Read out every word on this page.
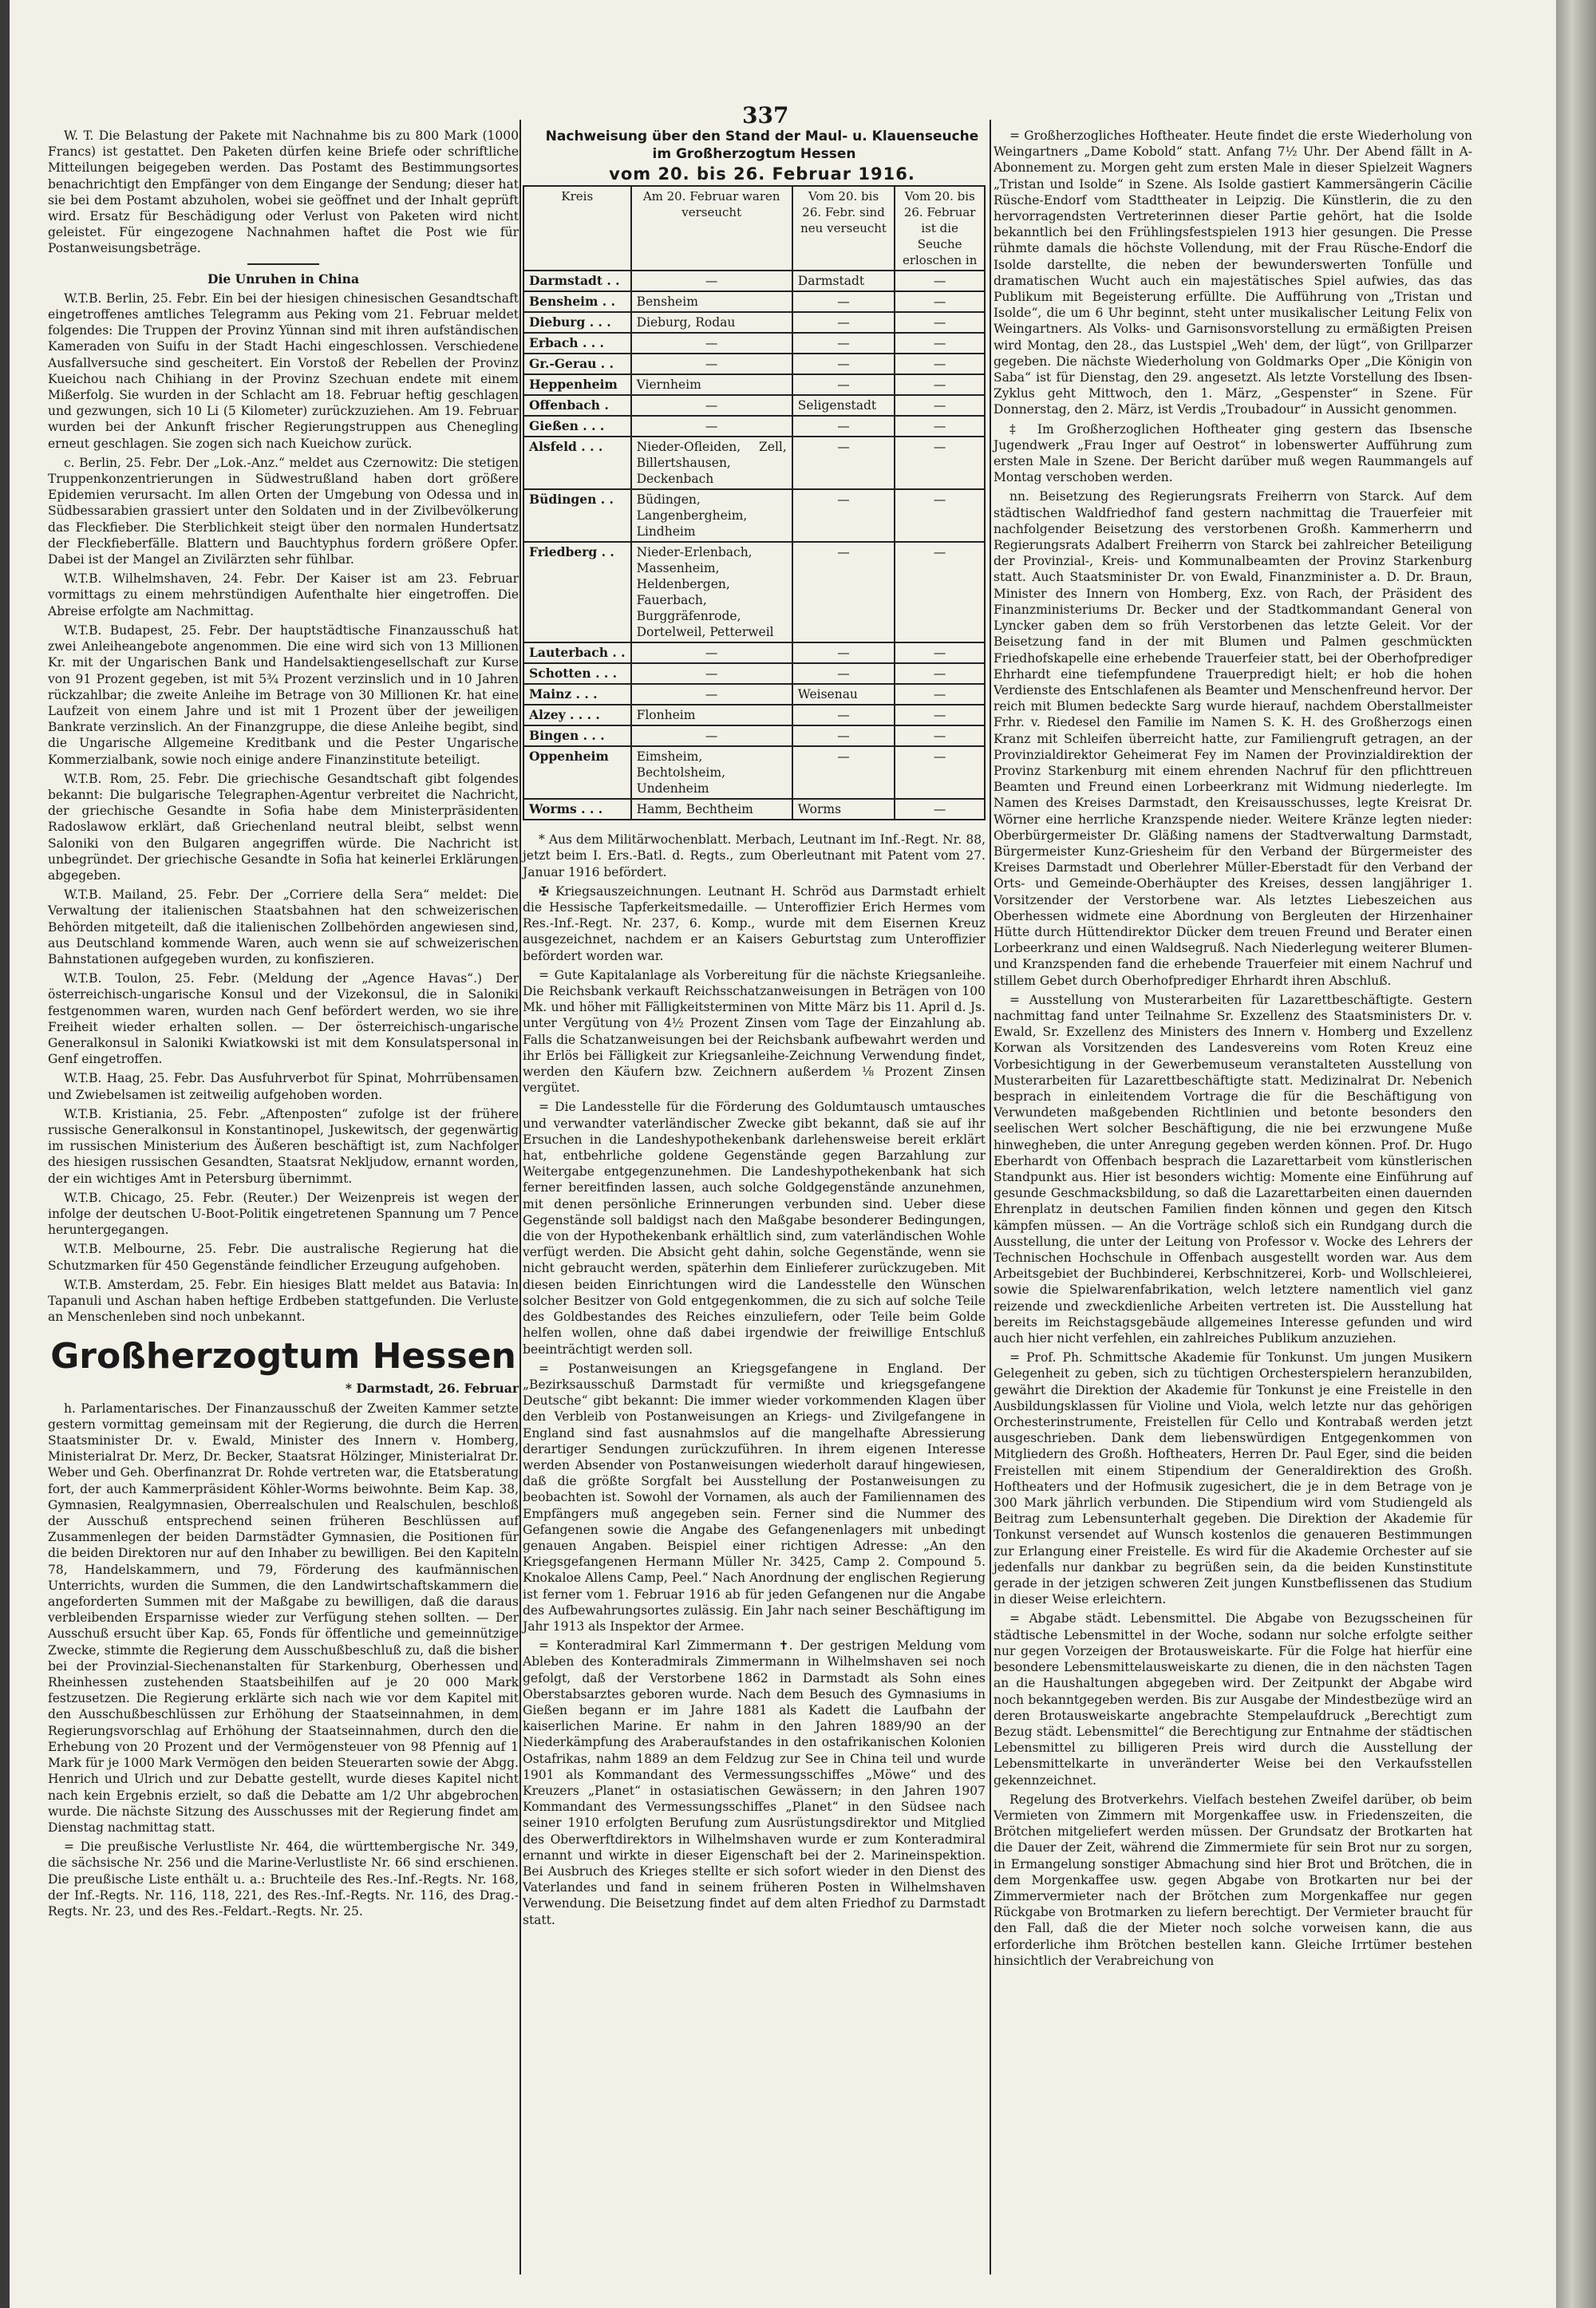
337

W. T. Die Belastung der Pakete mit Nachnahme bis zu 800 Mark (1000 Francs) ist gestattet. Den Paketen dürfen keine Briefe oder schriftliche Mitteilungen beigegeben werden. Das Postamt des Bestimmungsortes benachrichtigt den Empfänger von dem Eingange der Sendung; dieser hat sie bei dem Postamt abzuholen, wobei sie geöffnet und der Inhalt geprüft wird. Ersatz für Beschädigung oder Verlust von Paketen wird nicht geleistet. Für eingezogene Nachnahmen haftet die Post wie für Postanweisungsbeträge.

Die Unruhen in China

W.T.B. Berlin, 25. Febr. Ein bei der hiesigen chinesischen Gesandtschaft eingetroffenes amtliches Telegramm aus Peking vom 21. Februar meldet folgendes: Die Truppen der Provinz Yünnan sind mit ihren aufständischen Kameraden von Suifu in der Stadt Hachi eingeschlossen. Verschiedene Ausfallversuche sind gescheitert. Ein Vorstoß der Rebellen der Provinz Kueichou nach Chihiang in der Provinz Szechuan endete mit einem Mißerfolg. Sie wurden in der Schlacht am 18. Februar heftig geschlagen und gezwungen, sich 10 Li (5 Kilometer) zurückzuziehen. Am 19. Februar wurden bei der Ankunft frischer Regierungstruppen aus Chenegling erneut geschlagen. Sie zogen sich nach Kueichow zurück.

c. Berlin, 25. Febr. Der „Lok.-Anz.“ meldet aus Czernowitz: Die stetigen Truppenkonzentrierungen in Südwestrußland haben dort größere Epidemien verursacht. Im allen Orten der Umgebung von Odessa und in Südbessarabien grassiert unter den Soldaten und in der Zivilbevölkerung das Fleckfieber. Die Sterblichkeit steigt über den normalen Hundertsatz der Fleckfieberfälle. Blattern und Bauchtyphus fordern größere Opfer. Dabei ist der Mangel an Zivilärzten sehr fühlbar.

W.T.B. Wilhelmshaven, 24. Febr. Der Kaiser ist am 23. Februar vormittags zu einem mehrstündigen Aufenthalte hier eingetroffen. Die Abreise erfolgte am Nachmittag.

W.T.B. Budapest, 25. Febr. Der hauptstädtische Finanzausschuß hat zwei Anleiheangebote angenommen. Die eine wird sich von 13 Millionen Kr. mit der Ungarischen Bank und Handelsaktiengesellschaft zur Kurse von 91 Prozent gegeben, ist mit 5¾ Prozent verzinslich und in 10 Jahren rückzahlbar; die zweite Anleihe im Betrage von 30 Millionen Kr. hat eine Laufzeit von einem Jahre und ist mit 1 Prozent über der jeweiligen Bankrate verzinslich. An der Finanzgruppe, die diese Anleihe begibt, sind die Ungarische Allgemeine Kreditbank und die Pester Ungarische Kommerzialbank, sowie noch einige andere Finanzinstitute beteiligt.

W.T.B. Rom, 25. Febr. Die griechische Gesandtschaft gibt folgendes bekannt: Die bulgarische Telegraphen-Agentur verbreitet die Nachricht, der griechische Gesandte in Sofia habe dem Ministerpräsidenten Radoslawow erklärt, daß Griechenland neutral bleibt, selbst wenn Saloniki von den Bulgaren angegriffen würde. Die Nachricht ist unbegründet. Der griechische Gesandte in Sofia hat keinerlei Erklärungen abgegeben.

W.T.B. Mailand, 25. Febr. Der „Corriere della Sera“ meldet: Die Verwaltung der italienischen Staatsbahnen hat den schweizerischen Behörden mitgeteilt, daß die italienischen Zollbehörden angewiesen sind, aus Deutschland kommende Waren, auch wenn sie auf schweizerischen Bahnstationen aufgegeben wurden, zu konfiszieren.

W.T.B. Toulon, 25. Febr. (Meldung der „Agence Havas“.) Der österreichisch-ungarische Konsul und der Vizekonsul, die in Saloniki festgenommen waren, wurden nach Genf befördert werden, wo sie ihre Freiheit wieder erhalten sollen. — Der österreichisch-ungarische Generalkonsul in Saloniki Kwiatkowski ist mit dem Konsulatspersonal in Genf eingetroffen.

W.T.B. Haag, 25. Febr. Das Ausfuhrverbot für Spinat, Mohrrübensamen und Zwiebelsamen ist zeitweilig aufgehoben worden.

W.T.B. Kristiania, 25. Febr. „Aftenposten“ zufolge ist der frühere russische Generalkonsul in Konstantinopel, Juskewitsch, der gegenwärtig im russischen Ministerium des Äußeren beschäftigt ist, zum Nachfolger des hiesigen russischen Gesandten, Staatsrat Nekljudow, ernannt worden, der ein wichtiges Amt in Petersburg übernimmt.

W.T.B. Chicago, 25. Febr. (Reuter.) Der Weizenpreis ist wegen der infolge der deutschen U-Boot-Politik eingetretenen Spannung um 7 Pence heruntergegangen.

W.T.B. Melbourne, 25. Febr. Die australische Regierung hat die Schutzmarken für 450 Gegenstände feindlicher Erzeugung aufgehoben.

W.T.B. Amsterdam, 25. Febr. Ein hiesiges Blatt meldet aus Batavia: In Tapanuli und Aschan haben heftige Erdbeben stattgefunden. Die Verluste an Menschenleben sind noch unbekannt.

Großherzogtum Hessen

* Darmstadt, 26. Februar

h. Parlamentarisches. Der Finanzausschuß der Zweiten Kammer setzte gestern vormittag gemeinsam mit der Regierung, die durch die Herren Staatsminister Dr. v. Ewald, Minister des Innern v. Homberg, Ministerialrat Dr. Merz, Dr. Becker, Staatsrat Hölzinger, Ministerialrat Dr. Weber und Geh. Oberfinanzrat Dr. Rohde vertreten war, die Etatsberatung fort, der auch Kammerpräsident Köhler-Worms beiwohnte. Beim Kap. 38, Gymnasien, Realgymnasien, Oberrealschulen und Realschulen, beschloß der Ausschuß entsprechend seinen früheren Beschlüssen auf Zusammenlegen der beiden Darmstädter Gymnasien, die Positionen für die beiden Direktoren nur auf den Inhaber zu bewilligen. Bei den Kapiteln 78, Handelskammern, und 79, Förderung des kaufmännischen Unterrichts, wurden die Summen, die den Landwirtschaftskammern die angeforderten Summen mit der Maßgabe zu bewilligen, daß die daraus verbleibenden Ersparnisse wieder zur Verfügung stehen sollten. — Der Ausschuß ersucht über Kap. 65, Fonds für öffentliche und gemeinnützige Zwecke, stimmte die Regierung dem Ausschußbeschluß zu, daß die bisher bei der Provinzial-Siechenanstalten für Starkenburg, Oberhessen und Rheinhessen zustehenden Staatsbeihilfen auf je 20 000 Mark festzusetzen. Die Regierung erklärte sich nach wie vor dem Kapitel mit den Ausschußbeschlüssen zur Erhöhung der Staatseinnahmen, in dem Regierungsvorschlag auf Erhöhung der Staatseinnahmen, durch den die Erhebung von 20 Prozent und der Vermögensteuer von 98 Pfennig auf 1 Mark für je 1000 Mark Vermögen den beiden Steuerarten sowie der Abgg. Henrich und Ulrich und zur Debatte gestellt, wurde dieses Kapitel nicht nach kein Ergebnis erzielt, so daß die Debatte am 1/2 Uhr abgebrochen wurde. Die nächste Sitzung des Ausschusses mit der Regierung findet am Dienstag nachmittag statt.

= Die preußische Verlustliste Nr. 464, die württembergische Nr. 349, die sächsische Nr. 256 und die Marine-Verlustliste Nr. 66 sind erschienen. Die preußische Liste enthält u. a.: Bruchteile des Res.-Inf.-Regts. Nr. 168, der Inf.-Regts. Nr. 116, 118, 221, des Res.-Inf.-Regts. Nr. 116, des Drag.-Regts. Nr. 23, und des Res.-Feldart.-Regts. Nr. 25.

Nachweisung über den Stand der Maul- u. Klauenseuche im Großherzogtum Hessen

vom 20. bis 26. Februar 1916.

Kreis	Am 20. Februar waren verseucht	Vom 20. bis 26. Febr. sind neu verseucht	Vom 20. bis 26. Februar ist die Seuche erloschen in
Darmstadt . .	—	Darmstadt	—
Bensheim . .	Bensheim	—	—
Dieburg . . .	Dieburg, Rodau	—	—
Erbach . . .	—	—	—
Gr.-Gerau . .	—	—	—
Heppenheim	Viernheim	—	—
Offenbach .	—	Seligenstadt	—
Gießen . . .	—	—	—
Alsfeld . . .	Nieder-Ofleiden, Zell, Billertshausen, Deckenbach	—	—
Büdingen . .	Büdingen, Langenbergheim, Lindheim	—	—
Friedberg . .	Nieder-Erlenbach, Massenheim, Heldenbergen, Fauerbach, Burggräfenrode, Dortelweil, Petterweil	—	—
Lauterbach . .	—	—	—
Schotten . . .	—	—	—
Mainz . . .	—	Weisenau	—
Alzey . . . .	Flonheim	—	—
Bingen . . .	—	—	—
Oppenheim	Eimsheim, Bechtolsheim, Undenheim	—	—
Worms . . .	Hamm, Bechtheim	Worms	—

* Aus dem Militärwochenblatt. Merbach, Leutnant im Inf.-Regt. Nr. 88, jetzt beim I. Ers.-Batl. d. Regts., zum Oberleutnant mit Patent vom 27. Januar 1916 befördert.

✠ Kriegsauszeichnungen. Leutnant H. Schröd aus Darmstadt erhielt die Hessische Tapferkeitsmedaille. — Unteroffizier Erich Hermes vom Res.-Inf.-Regt. Nr. 237, 6. Komp., wurde mit dem Eisernen Kreuz ausgezeichnet, nachdem er an Kaisers Geburtstag zum Unteroffizier befördert worden war.

= Gute Kapitalanlage als Vorbereitung für die nächste Kriegsanleihe. Die Reichsbank verkauft Reichsschatzanweisungen in Beträgen von 100 Mk. und höher mit Fälligkeitsterminen von Mitte März bis 11. April d. Js. unter Vergütung von 4½ Prozent Zinsen vom Tage der Einzahlung ab. Falls die Schatzanweisungen bei der Reichsbank aufbewahrt werden und ihr Erlös bei Fälligkeit zur Kriegsanleihe-Zeichnung Verwendung findet, werden den Käufern bzw. Zeichnern außerdem ⅛ Prozent Zinsen vergütet.

= Die Landesstelle für die Förderung des Goldumtausch umtausches und verwandter vaterländischer Zwecke gibt bekannt, daß sie auf ihr Ersuchen in die Landeshypothekenbank darlehensweise bereit erklärt hat, entbehrliche goldene Gegenstände gegen Barzahlung zur Weitergabe entgegenzunehmen. Die Landeshypothekenbank hat sich ferner bereitfinden lassen, auch solche Goldgegenstände anzunehmen, mit denen persönliche Erinnerungen verbunden sind. Ueber diese Gegenstände soll baldigst nach den Maßgabe besonderer Bedingungen, die von der Hypothekenbank erhältlich sind, zum vaterländischen Wohle verfügt werden. Die Absicht geht dahin, solche Gegenstände, wenn sie nicht gebraucht werden, späterhin dem Einlieferer zurückzugeben. Mit diesen beiden Einrichtungen wird die Landesstelle den Wünschen solcher Besitzer von Gold entgegenkommen, die zu sich auf solche Teile des Goldbestandes des Reiches einzuliefern, oder Teile beim Golde helfen wollen, ohne daß dabei irgendwie der freiwillige Entschluß beeinträchtigt werden soll.

= Postanweisungen an Kriegsgefangene in England. Der „Bezirksausschuß Darmstadt für vermißte und kriegsgefangene Deutsche“ gibt bekannt: Die immer wieder vorkommenden Klagen über den Verbleib von Postanweisungen an Kriegs- und Zivilgefangene in England sind fast ausnahmslos auf die mangelhafte Abressierung derartiger Sendungen zurückzuführen. In ihrem eigenen Interesse werden Absender von Postanweisungen wiederholt darauf hingewiesen, daß die größte Sorgfalt bei Ausstellung der Postanweisungen zu beobachten ist. Sowohl der Vornamen, als auch der Familiennamen des Empfängers muß angegeben sein. Ferner sind die Nummer des Gefangenen sowie die Angabe des Gefangenenlagers mit unbedingt genauen Angaben. Beispiel einer richtigen Adresse: „An den Kriegsgefangenen Hermann Müller Nr. 3425, Camp 2. Compound 5. Knokaloe Allens Camp, Peel.“ Nach Anordnung der englischen Regierung ist ferner vom 1. Februar 1916 ab für jeden Gefangenen nur die Angabe des Aufbewahrungsortes zulässig. Ein Jahr nach seiner Beschäftigung im Jahr 1913 als Inspektor der Armee.

= Konteradmiral Karl Zimmermann ✝. Der gestrigen Meldung vom Ableben des Konteradmirals Zimmermann in Wilhelmshaven sei noch gefolgt, daß der Verstorbene 1862 in Darmstadt als Sohn eines Oberstabsarztes geboren wurde. Nach dem Besuch des Gymnasiums in Gießen begann er im Jahre 1881 als Kadett die Laufbahn der kaiserlichen Marine. Er nahm in den Jahren 1889/90 an der Niederkämpfung des Araberaufstandes in den ostafrikanischen Kolonien Ostafrikas, nahm 1889 an dem Feldzug zur See in China teil und wurde 1901 als Kommandant des Vermessungsschiffes „Möwe“ und des Kreuzers „Planet“ in ostasiatischen Gewässern; in den Jahren 1907 Kommandant des Vermessungsschiffes „Planet“ in den Südsee nach seiner 1910 erfolgten Berufung zum Ausrüstungsdirektor und Mitglied des Oberwerftdirektors in Wilhelmshaven wurde er zum Konteradmiral ernannt und wirkte in dieser Eigenschaft bei der 2. Marineinspektion. Bei Ausbruch des Krieges stellte er sich sofort wieder in den Dienst des Vaterlandes und fand in seinem früheren Posten in Wilhelmshaven Verwendung. Die Beisetzung findet auf dem alten Friedhof zu Darmstadt statt.

= Großherzogliches Hoftheater. Heute findet die erste Wiederholung von Weingartners „Dame Kobold“ statt. Anfang 7½ Uhr. Der Abend fällt in A-Abonnement zu. Morgen geht zum ersten Male in dieser Spielzeit Wagners „Tristan und Isolde“ in Szene. Als Isolde gastiert Kammersängerin Cäcilie Rüsche-Endorf vom Stadttheater in Leipzig. Die Künstlerin, die zu den hervorragendsten Vertreterinnen dieser Partie gehört, hat die Isolde bekanntlich bei den Frühlingsfestspielen 1913 hier gesungen. Die Presse rühmte damals die höchste Vollendung, mit der Frau Rüsche-Endorf die Isolde darstellte, die neben der bewunderswerten Tonfülle und dramatischen Wucht auch ein majestätisches Spiel aufwies, das das Publikum mit Begeisterung erfüllte. Die Aufführung von „Tristan und Isolde“, die um 6 Uhr beginnt, steht unter musikalischer Leitung Felix von Weingartners. Als Volks- und Garnisonsvorstellung zu ermäßigten Preisen wird Montag, den 28., das Lustspiel „Weh' dem, der lügt“, von Grillparzer gegeben. Die nächste Wiederholung von Goldmarks Oper „Die Königin von Saba“ ist für Dienstag, den 29. angesetzt. Als letzte Vorstellung des Ibsen-Zyklus geht Mittwoch, den 1. März, „Gespenster“ in Szene. Für Donnerstag, den 2. März, ist Verdis „Troubadour“ in Aussicht genommen.

‡ Im Großherzoglichen Hoftheater ging gestern das Ibsensche Jugendwerk „Frau Inger auf Oestrot“ in lobenswerter Aufführung zum ersten Male in Szene. Der Bericht darüber muß wegen Raummangels auf Montag verschoben werden.

nn. Beisetzung des Regierungsrats Freiherrn von Starck. Auf dem städtischen Waldfriedhof fand gestern nachmittag die Trauerfeier mit nachfolgender Beisetzung des verstorbenen Großh. Kammerherrn und Regierungsrats Adalbert Freiherrn von Starck bei zahlreicher Beteiligung der Provinzial-, Kreis- und Kommunalbeamten der Provinz Starkenburg statt. Auch Staatsminister Dr. von Ewald, Finanzminister a. D. Dr. Braun, Minister des Innern von Homberg, Exz. von Rach, der Präsident des Finanzministeriums Dr. Becker und der Stadtkommandant General von Lyncker gaben dem so früh Verstorbenen das letzte Geleit. Vor der Beisetzung fand in der mit Blumen und Palmen geschmückten Friedhofskapelle eine erhebende Trauerfeier statt, bei der Oberhofprediger Ehrhardt eine tiefempfundene Trauerpredigt hielt; er hob die hohen Verdienste des Entschlafenen als Beamter und Menschenfreund hervor. Der reich mit Blumen bedeckte Sarg wurde hierauf, nachdem Oberstallmeister Frhr. v. Riedesel den Familie im Namen S. K. H. des Großherzogs einen Kranz mit Schleifen überreicht hatte, zur Familiengruft getragen, an der Provinzialdirektor Geheimerat Fey im Namen der Provinzialdirektion der Provinz Starkenburg mit einem ehrenden Nachruf für den pflichttreuen Beamten und Freund einen Lorbeerkranz mit Widmung niederlegte. Im Namen des Kreises Darmstadt, den Kreisausschusses, legte Kreisrat Dr. Wörner eine herrliche Kranzspende nieder. Weitere Kränze legten nieder: Oberbürgermeister Dr. Gläßing namens der Stadtverwaltung Darmstadt, Bürgermeister Kunz-Griesheim für den Verband der Bürgermeister des Kreises Darmstadt und Oberlehrer Müller-Eberstadt für den Verband der Orts- und Gemeinde-Oberhäupter des Kreises, dessen langjähriger 1. Vorsitzender der Verstorbene war. Als letztes Liebeszeichen aus Oberhessen widmete eine Abordnung von Bergleuten der Hirzenhainer Hütte durch Hüttendirektor Dücker dem treuen Freund und Berater einen Lorbeerkranz und einen Waldsegruß. Nach Niederlegung weiterer Blumen- und Kranzspenden fand die erhebende Trauerfeier mit einem Nachruf und stillem Gebet durch Oberhofprediger Ehrhardt ihren Abschluß.

= Ausstellung von Musterarbeiten für Lazarettbeschäftigte. Gestern nachmittag fand unter Teilnahme Sr. Exzellenz des Staatsministers Dr. v. Ewald, Sr. Exzellenz des Ministers des Innern v. Homberg und Exzellenz Korwan als Vorsitzenden des Landesvereins vom Roten Kreuz eine Vorbesichtigung in der Gewerbemuseum veranstalteten Ausstellung von Musterarbeiten für Lazarettbeschäftigte statt. Medizinalrat Dr. Nebenich besprach in einleitendem Vortrage die für die Beschäftigung von Verwundeten maßgebenden Richtlinien und betonte besonders den seelischen Wert solcher Beschäftigung, die nie bei erzwungene Muße hinwegheben, die unter Anregung gegeben werden können. Prof. Dr. Hugo Eberhardt von Offenbach besprach die Lazarettarbeit vom künstlerischen Standpunkt aus. Hier ist besonders wichtig: Momente eine Einführung auf gesunde Geschmacksbildung, so daß die Lazarettarbeiten einen dauernden Ehrenplatz in deutschen Familien finden können und gegen den Kitsch kämpfen müssen. — An die Vorträge schloß sich ein Rundgang durch die Ausstellung, die unter der Leitung von Professor v. Wocke des Lehrers der Technischen Hochschule in Offenbach ausgestellt worden war. Aus dem Arbeitsgebiet der Buchbinderei, Kerbschnitzerei, Korb- und Wollschleierei, sowie die Spielwarenfabrikation, welch letztere namentlich viel ganz reizende und zweckdienliche Arbeiten vertreten ist. Die Ausstellung hat bereits im Reichstagsgebäude allgemeines Interesse gefunden und wird auch hier nicht verfehlen, ein zahlreiches Publikum anzuziehen.

= Prof. Ph. Schmittsche Akademie für Tonkunst. Um jungen Musikern Gelegenheit zu geben, sich zu tüchtigen Orchesterspielern heranzubilden, gewährt die Direktion der Akademie für Tonkunst je eine Freistelle in den Ausbildungsklassen für Violine und Viola, welch letzte nur das gehörigen Orchesterinstrumente, Freistellen für Cello und Kontrabaß werden jetzt ausgeschrieben. Dank dem liebenswürdigen Entgegenkommen von Mitgliedern des Großh. Hoftheaters, Herren Dr. Paul Eger, sind die beiden Freistellen mit einem Stipendium der Generaldirektion des Großh. Hoftheaters und der Hofmusik zugesichert, die je in dem Betrage von je 300 Mark jährlich verbunden. Die Stipendium wird vom Studiengeld als Beitrag zum Lebensunterhalt gegeben. Die Direktion der Akademie für Tonkunst versendet auf Wunsch kostenlos die genaueren Bestimmungen zur Erlangung einer Freistelle. Es wird für die Akademie Orchester auf sie jedenfalls nur dankbar zu begrüßen sein, da die beiden Kunstinstitute gerade in der jetzigen schweren Zeit jungen Kunstbeflissenen das Studium in dieser Weise erleichtern.

= Abgabe städt. Lebensmittel. Die Abgabe von Bezugsscheinen für städtische Lebensmittel in der Woche, sodann nur solche erfolgte seither nur gegen Vorzeigen der Brotausweiskarte. Für die Folge hat hierfür eine besondere Lebensmittelausweiskarte zu dienen, die in den nächsten Tagen an die Haushaltungen abgegeben wird. Der Zeitpunkt der Abgabe wird noch bekanntgegeben werden. Bis zur Ausgabe der Mindestbezüge wird an deren Brotausweiskarte angebrachte Stempelaufdruck „Berechtigt zum Bezug städt. Lebensmittel“ die Berechtigung zur Entnahme der städtischen Lebensmittel zu billigeren Preis wird durch die Ausstellung der Lebensmittelkarte in unveränderter Weise bei den Verkaufsstellen gekennzeichnet.

Regelung des Brotverkehrs. Vielfach bestehen Zweifel darüber, ob beim Vermieten von Zimmern mit Morgenkaffee usw. in Friedenszeiten, die Brötchen mitgeliefert werden müssen. Der Grundsatz der Brotkarten hat die Dauer der Zeit, während die Zimmermiete für sein Brot nur zu sorgen, in Ermangelung sonstiger Abmachung sind hier Brot und Brötchen, die in dem Morgenkaffee usw. gegen Abgabe von Brotkarten nur bei der Zimmervermieter nach der Brötchen zum Morgenkaffee nur gegen Rückgabe von Brotmarken zu liefern berechtigt. Der Vermieter braucht für den Fall, daß die der Mieter noch solche vorweisen kann, die aus erforderliche ihm Brötchen bestellen kann. Gleiche Irrtümer bestehen hinsichtlich der Verabreichung von
